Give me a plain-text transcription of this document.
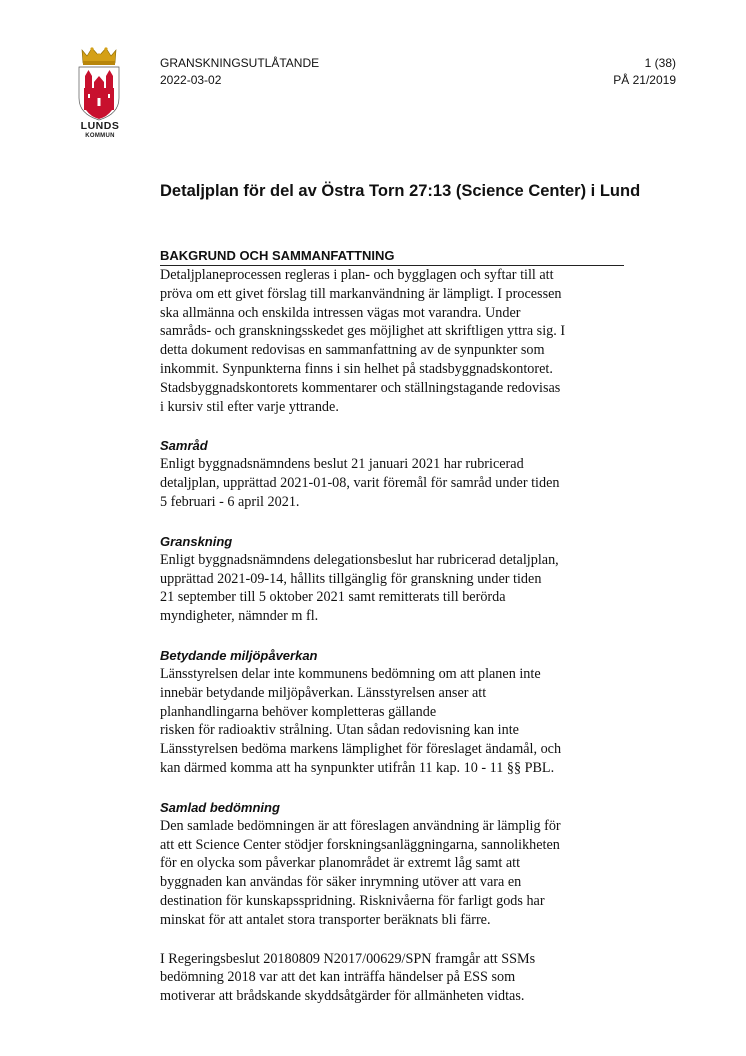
LUNDS
KOMMUN
GRANSKNINGSUTLÅTANDE
2022-03-02
1 (38)
PÅ 21/2019
Detaljplan för del av Östra Torn 27:13 (Science Center) i Lund
BAKGRUND OCH SAMMANFATTNING

Detaljplaneprocessen regleras i plan- och bygglagen och syftar till att
pröva om ett givet förslag till markanvändning är lämpligt. I processen
ska allmänna och enskilda intressen vägas mot varandra. Under
samråds- och granskningsskedet ges möjlighet att skriftligen yttra sig. I
detta dokument redovisas en sammanfattning av de synpunkter som
inkommit. Synpunkterna finns i sin helhet på stadsbyggnadskontoret.
Stadsbyggnadskontorets kommentarer och ställningstagande redovisas
i kursiv stil efter varje yttrande.

Samråd

Enligt byggnadsnämndens beslut 21 januari 2021 har rubricerad
detaljplan, upprättad 2021-01-08, varit föremål för samråd under tiden
5 februari - 6 april 2021.

Granskning

Enligt byggnadsnämndens delegationsbeslut har rubricerad detaljplan,
upprättad 2021-09-14, hållits tillgänglig för granskning under tiden
21 september till 5 oktober 2021 samt remitterats till berörda
myndigheter, nämnder m fl.

Betydande miljöpåverkan

Länsstyrelsen delar inte kommunens bedömning om att planen inte
innebär betydande miljöpåverkan. Länsstyrelsen anser att
planhandlingarna behöver kompletteras gällande
risken för radioaktiv strålning. Utan sådan redovisning kan inte
Länsstyrelsen bedöma markens lämplighet för föreslaget ändamål, och
kan därmed komma att ha synpunkter utifrån 11 kap. 10 - 11 §§ PBL.

Samlad bedömning

Den samlade bedömningen är att föreslagen användning är lämplig för
att ett Science Center stödjer forskningsanläggningarna, sannolikheten
för en olycka som påverkar planområdet är extremt låg samt att
byggnaden kan användas för säker inrymning utöver att vara en
destination för kunskapsspridning. Risknivåerna för farligt gods har
minskat för att antalet stora transporter beräknats bli färre.

I Regeringsbeslut 20180809 N2017/00629/SPN framgår att SSMs
bedömning 2018 var att det kan inträffa händelser på ESS som
motiverar att brådskande skyddsåtgärder för allmänheten vidtas.
